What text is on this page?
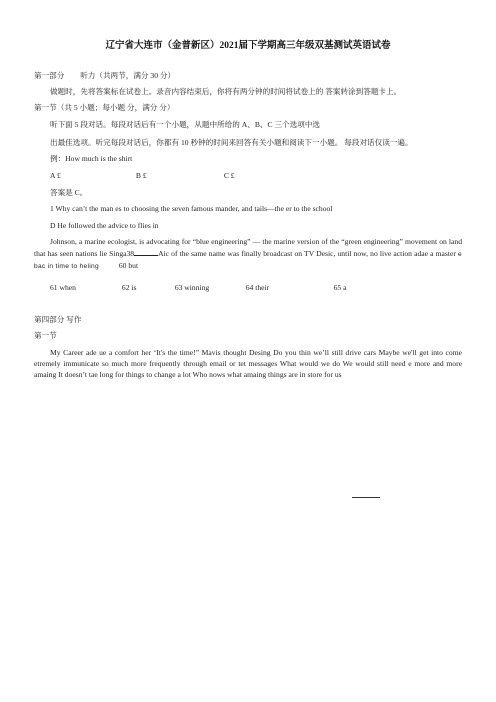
辽宁省大连市（金普新区）2021届下学期高三年级双基测试英语试卷
第一部分 听力（共两节，满分 30 分）
做题时，先将答案标在试卷上。录音内容结束后，你将有两分钟的时间将试卷上的 答案转涂到答题卡上。
第一节（共 5 小题；每小题 分，满分 分）
听下面 5 段对话。每段对话后有一个小题，从题中所给的 A、B、C 三个选项中选
出最佳选项。听完每段对话后，你都有 10 秒钟的时间来回答有关小题和阅读下一小题。 每段对话仅读一遍。
例：How much is the shirt
A £	B £	C £
答案是 C。
1 Why can’t the man es to choosing the seven famous mander, and tails—the er to the school
D He followed the advice to flies in
Johnson, a marine ecologist, is advocating for “blue engineering” — the marine version of the “green engineering” movement on land that has seen nations lie Singa38	Aic of the same name was finally broadcast on TV Desic, until now, no live action adae a master e bac in time to heling	60 but
61 when	62 is	63 winning	64 their	65 a
第四部分 写作
第一节
My Career ade ue a comfort her ‘It's the time!” Mavis thought Desing Do you thin we’ll still drive cars Maybe we'll get into come etremely immunicate so much more frequently through email or tet messages What would we do We would still need e more and more amaing It doesn’t tae long for things to change a lot Who nows what amaing things are in store for us
